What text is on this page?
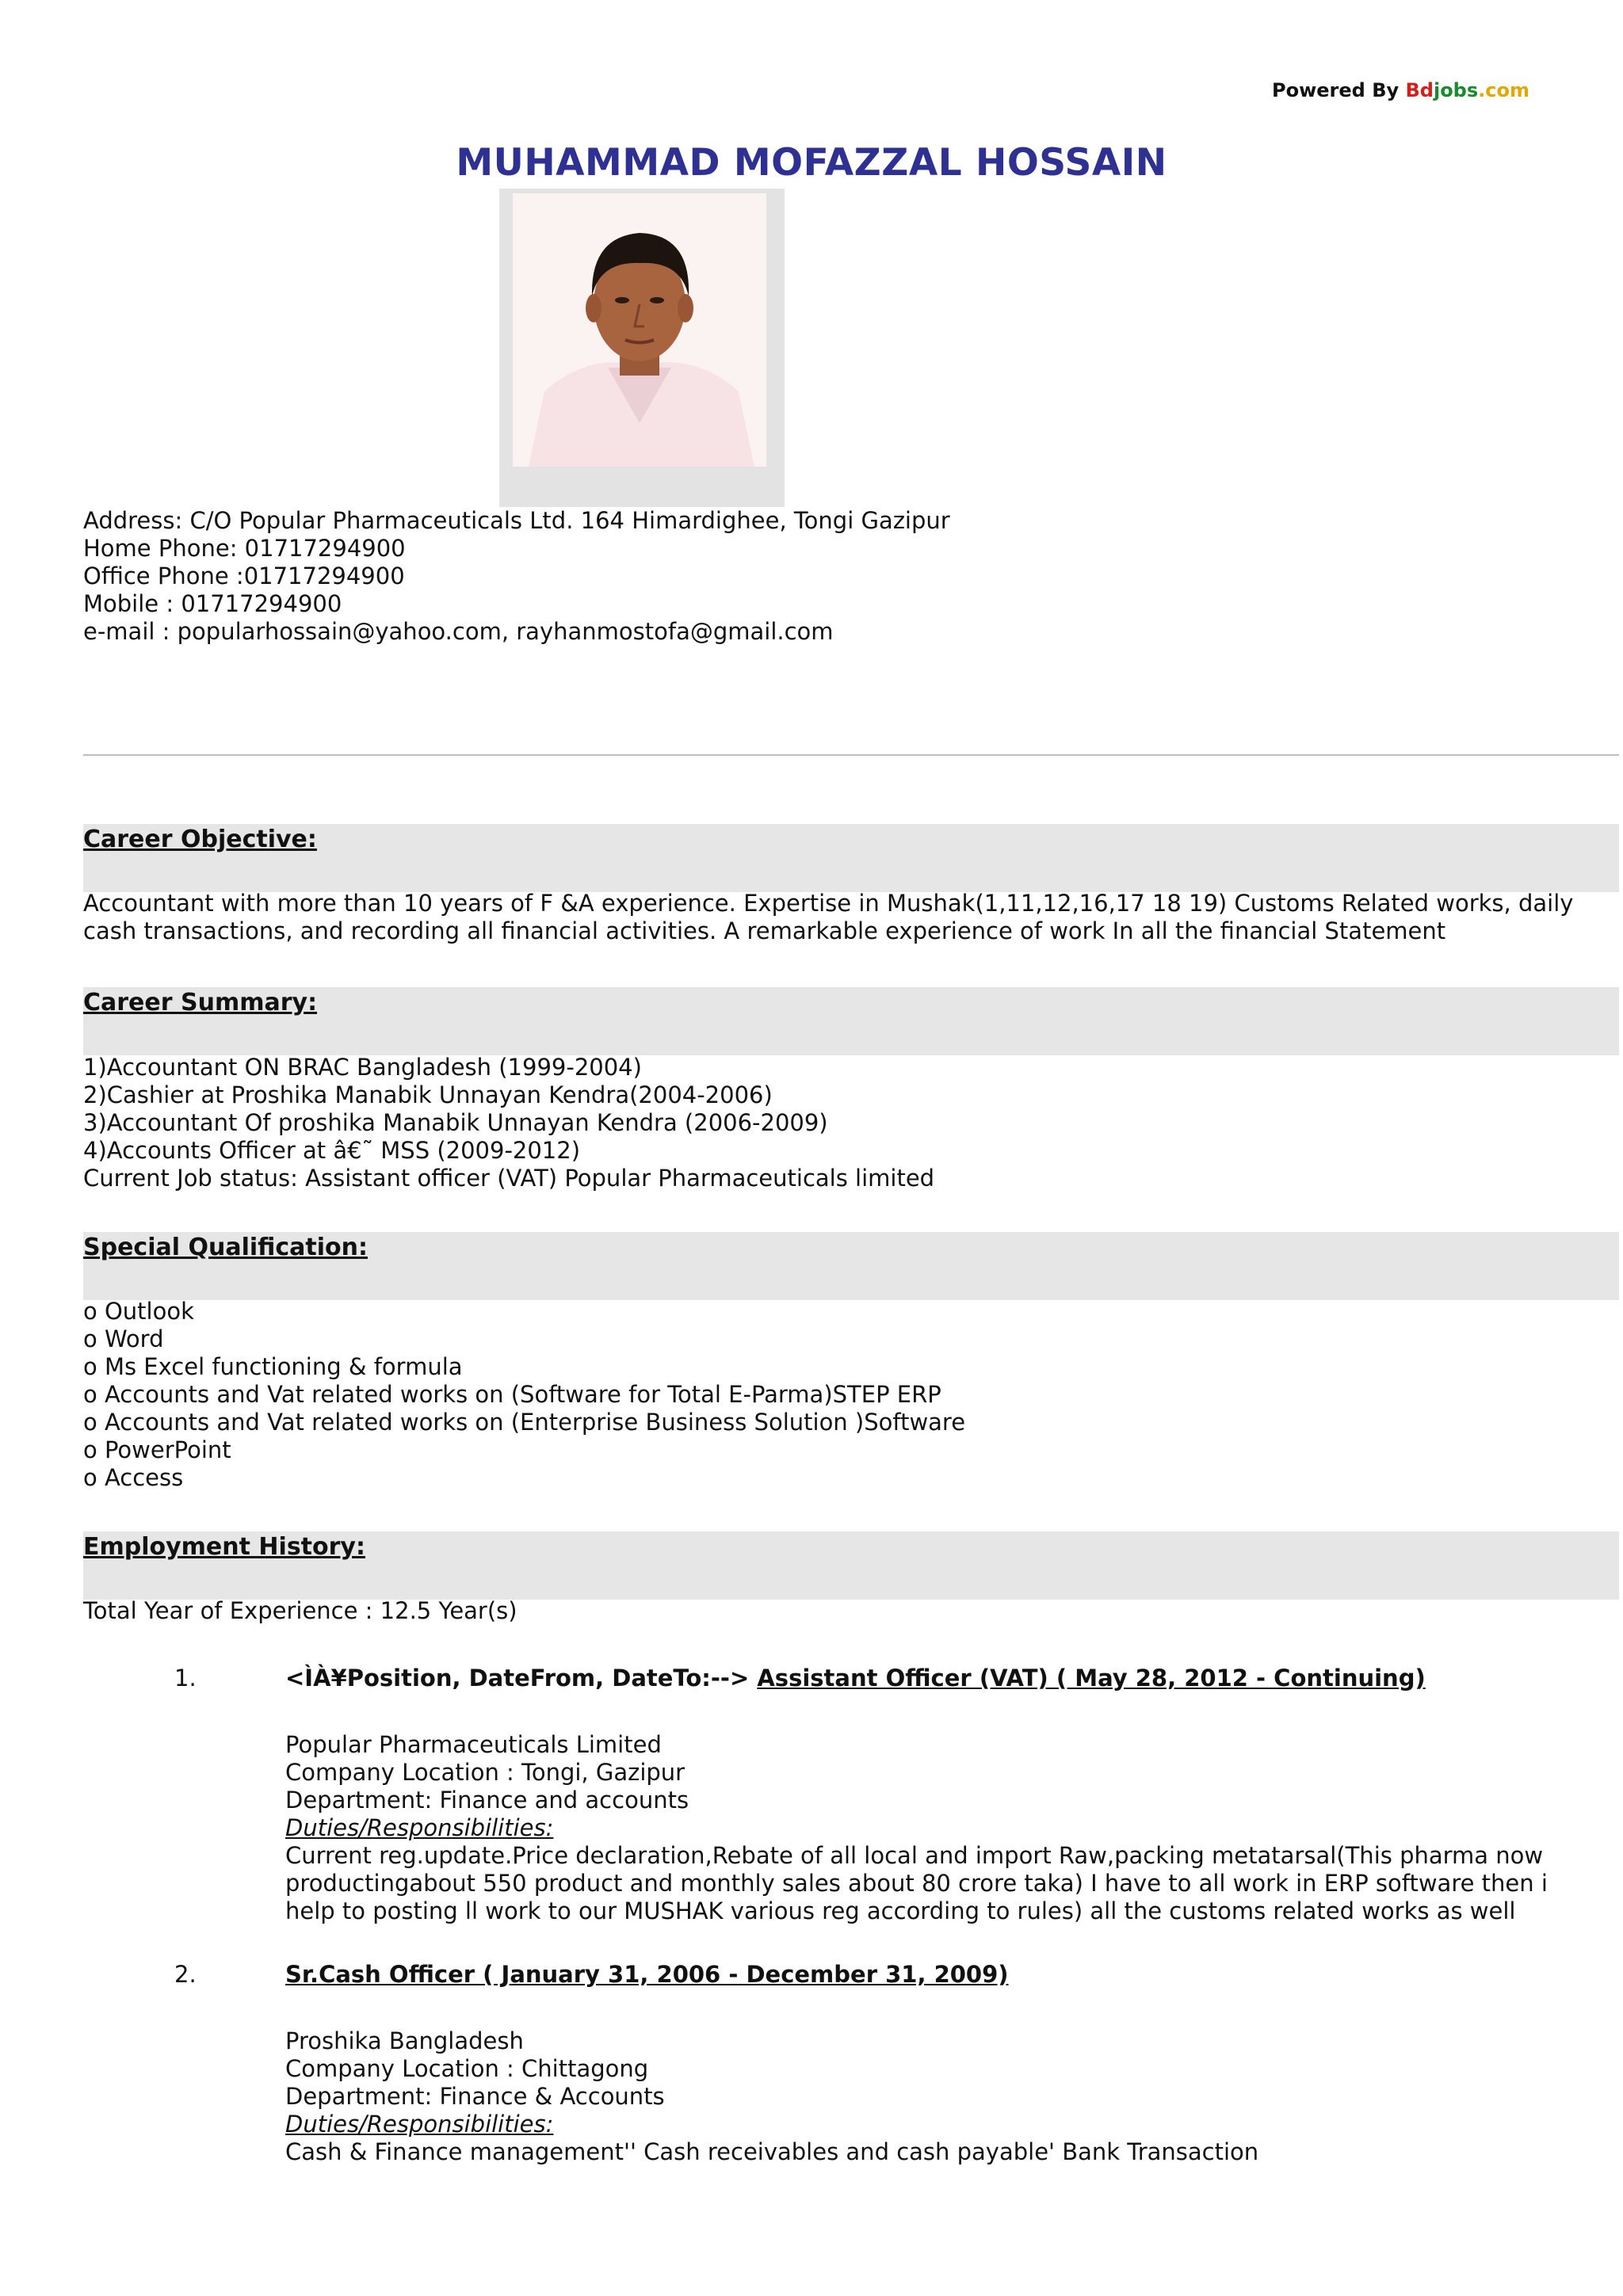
Powered By Bdjobs.com
MUHAMMAD MOFAZZAL HOSSAIN
Address: C/O Popular Pharmaceuticals Ltd. 164 Himardighee, Tongi Gazipur
Home Phone: 01717294900
Office Phone :01717294900
Mobile : 01717294900
e-mail : popularhossain@yahoo.com, rayhanmostofa@gmail.com
Career Objective:
Accountant with more than 10 years of F &A experience. Expertise in Mushak(1,11,12,16,17 18 19) Customs Related works, daily cash transactions, and recording all financial activities. A remarkable experience of work In all the financial Statement
Career Summary:
1)Accountant ON BRAC Bangladesh (1999-2004)
2)Cashier at Proshika Manabik Unnayan Kendra(2004-2006)
3)Accountant Of proshika Manabik Unnayan Kendra (2006-2009)
4)Accounts Officer at â€˜ MSS (2009-2012)
Current Job status: Assistant officer (VAT) Popular Pharmaceuticals limited
Special Qualification:
o Outlook
o Word
o Ms Excel functioning & formula
o Accounts and Vat related works on (Software for Total E-Parma)STEP ERP
o Accounts and Vat related works on (Enterprise Business Solution )Software
o PowerPoint
o Access
Employment History:
Total Year of Experience : 12.5 Year(s)
1.	<ÌÀ¥Position, DateFrom, DateTo:--> Assistant Officer (VAT) ( May 28, 2012 - Continuing)
Popular Pharmaceuticals Limited
Company Location : Tongi, Gazipur
Department: Finance and accounts
Duties/Responsibilities:
Current reg.update.Price declaration,Rebate of all local and import Raw,packing metatarsal(This pharma now productingabout 550 product and monthly sales about 80 crore taka) I have to all work in ERP software then i help to posting ll work to our MUSHAK various reg according to rules) all the customs related works as well
2.	Sr.Cash Officer ( January 31, 2006 - December 31, 2009)
Proshika Bangladesh
Company Location : Chittagong
Department: Finance & Accounts
Duties/Responsibilities:
Cash & Finance management'' Cash receivables and cash payable' Bank Transaction
